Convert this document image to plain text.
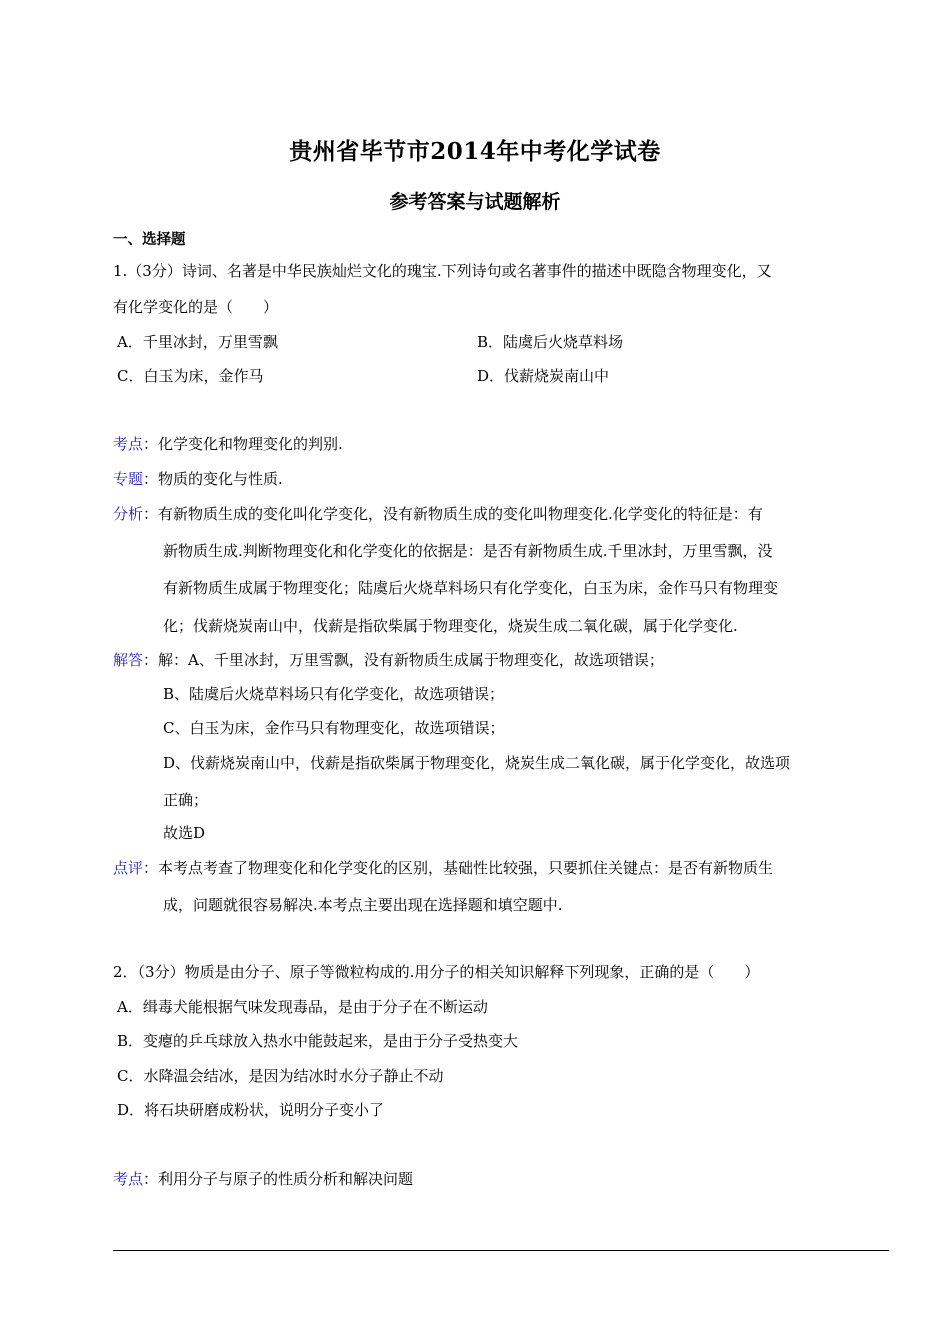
贵州省毕节市2014年中考化学试卷
参考答案与试题解析
一、选择题
1.（3分）诗词、名著是中华民族灿烂文化的瑰宝.下列诗句或名著事件的描述中既隐含物理变化，又
有化学变化的是（　　）
A．千里冰封，万里雪飘	B．陆虞后火烧草料场
C．白玉为床，金作马	D．伐薪烧炭南山中
考点：化学变化和物理变化的判别.
专题：物质的变化与性质.
分析：有新物质生成的变化叫化学变化，没有新物质生成的变化叫物理变化.化学变化的特征是：有
新物质生成.判断物理变化和化学变化的依据是：是否有新物质生成.千里冰封，万里雪飘，没
有新物质生成属于物理变化；陆虞后火烧草料场只有化学变化，白玉为床，金作马只有物理变
化；伐薪烧炭南山中，伐薪是指砍柴属于物理变化，烧炭生成二氧化碳，属于化学变化.
解答：解：A、千里冰封，万里雪飘，没有新物质生成属于物理变化，故选项错误；
B、陆虞后火烧草料场只有化学变化，故选项错误；
C、白玉为床，金作马只有物理变化，故选项错误；
D、伐薪烧炭南山中，伐薪是指砍柴属于物理变化，烧炭生成二氧化碳，属于化学变化，故选项
正确；
故选D
点评：本考点考查了物理变化和化学变化的区别，基础性比较强，只要抓住关键点：是否有新物质生
成，问题就很容易解决.本考点主要出现在选择题和填空题中.
2．（3分）物质是由分子、原子等微粒构成的.用分子的相关知识解释下列现象，正确的是（　　）
A．缉毒犬能根据气味发现毒品，是由于分子在不断运动
B．变瘪的乒乓球放入热水中能鼓起来，是由于分子受热变大
C．水降温会结冰，是因为结冰时水分子静止不动
D．将石块研磨成粉状，说明分子变小了
考点：利用分子与原子的性质分析和解决问题
